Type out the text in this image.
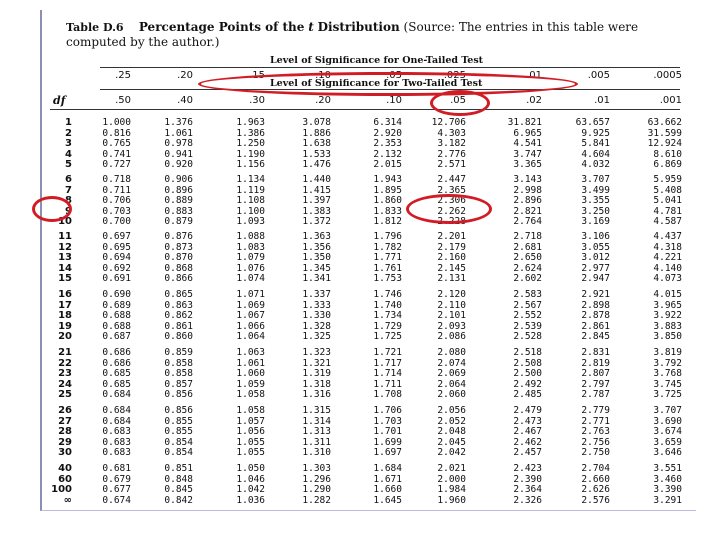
Table D.6 Percentage Points of the t Distribution (Source: The entries in this table were computed by the author.)
Level of Significance for One-Tailed Test
Level of Significance for Two-Tailed Test
df
.25	.20	.15	.10	.05	.025	.01	.005	.0005
.50	.40	.30	.20	.10	.05	.02	.01	.001
1	1.000	1.376	1.963	3.078	6.314	12.706	31.821	63.657	63.662
2	0.816	1.061	1.386	1.886	2.920	4.303	6.965	9.925	31.599
3	0.765	0.978	1.250	1.638	2.353	3.182	4.541	5.841	12.924
4	0.741	0.941	1.190	1.533	2.132	2.776	3.747	4.604	8.610
5	0.727	0.920	1.156	1.476	2.015	2.571	3.365	4.032	6.869
6	0.718	0.906	1.134	1.440	1.943	2.447	3.143	3.707	5.959
7	0.711	0.896	1.119	1.415	1.895	2.365	2.998	3.499	5.408
8	0.706	0.889	1.108	1.397	1.860	2.306	2.896	3.355	5.041
9	0.703	0.883	1.100	1.383	1.833	2.262	2.821	3.250	4.781
10	0.700	0.879	1.093	1.372	1.812	2.228	2.764	3.169	4.587
11	0.697	0.876	1.088	1.363	1.796	2.201	2.718	3.106	4.437
12	0.695	0.873	1.083	1.356	1.782	2.179	2.681	3.055	4.318
13	0.694	0.870	1.079	1.350	1.771	2.160	2.650	3.012	4.221
14	0.692	0.868	1.076	1.345	1.761	2.145	2.624	2.977	4.140
15	0.691	0.866	1.074	1.341	1.753	2.131	2.602	2.947	4.073
16	0.690	0.865	1.071	1.337	1.746	2.120	2.583	2.921	4.015
17	0.689	0.863	1.069	1.333	1.740	2.110	2.567	2.898	3.965
18	0.688	0.862	1.067	1.330	1.734	2.101	2.552	2.878	3.922
19	0.688	0.861	1.066	1.328	1.729	2.093	2.539	2.861	3.883
20	0.687	0.860	1.064	1.325	1.725	2.086	2.528	2.845	3.850
21	0.686	0.859	1.063	1.323	1.721	2.080	2.518	2.831	3.819
22	0.686	0.858	1.061	1.321	1.717	2.074	2.508	2.819	3.792
23	0.685	0.858	1.060	1.319	1.714	2.069	2.500	2.807	3.768
24	0.685	0.857	1.059	1.318	1.711	2.064	2.492	2.797	3.745
25	0.684	0.856	1.058	1.316	1.708	2.060	2.485	2.787	3.725
26	0.684	0.856	1.058	1.315	1.706	2.056	2.479	2.779	3.707
27	0.684	0.855	1.057	1.314	1.703	2.052	2.473	2.771	3.690
28	0.683	0.855	1.056	1.313	1.701	2.048	2.467	2.763	3.674
29	0.683	0.854	1.055	1.311	1.699	2.045	2.462	2.756	3.659
30	0.683	0.854	1.055	1.310	1.697	2.042	2.457	2.750	3.646
40	0.681	0.851	1.050	1.303	1.684	2.021	2.423	2.704	3.551
60	0.679	0.848	1.046	1.296	1.671	2.000	2.390	2.660	3.460
100	0.677	0.845	1.042	1.290	1.660	1.984	2.364	2.626	3.390
∞	0.674	0.842	1.036	1.282	1.645	1.960	2.326	2.576	3.291
